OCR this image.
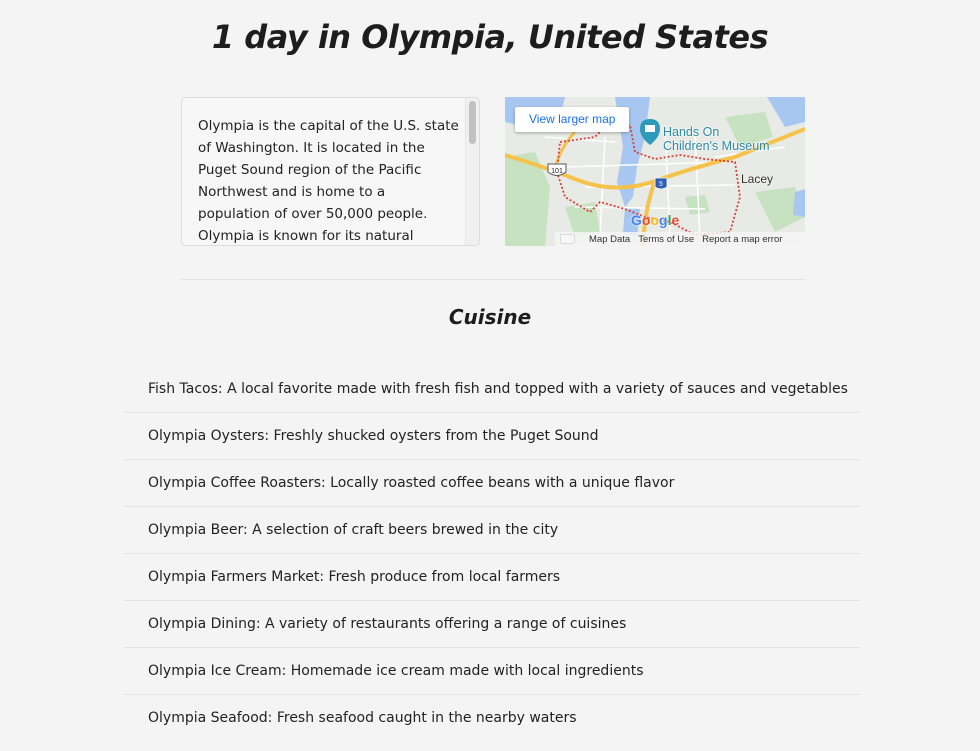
1 day in Olympia, United States

Olympia is the capital of the U.S. state of Washington. It is located in the Puget Sound region of the Pacific Northwest and is home to a population of over 50,000 people. Olympia is known for its natural

101
5
View larger map
Hands On
Children's Museum
Lacey
Google
Map Data Terms of Use Report a map error
Cuisine
Fish Tacos: A local favorite made with fresh fish and topped with a variety of sauces and vegetables
Olympia Oysters: Freshly shucked oysters from the Puget Sound
Olympia Coffee Roasters: Locally roasted coffee beans with a unique flavor
Olympia Beer: A selection of craft beers brewed in the city
Olympia Farmers Market: Fresh produce from local farmers
Olympia Dining: A variety of restaurants offering a range of cuisines
Olympia Ice Cream: Homemade ice cream made with local ingredients
Olympia Seafood: Fresh seafood caught in the nearby waters
